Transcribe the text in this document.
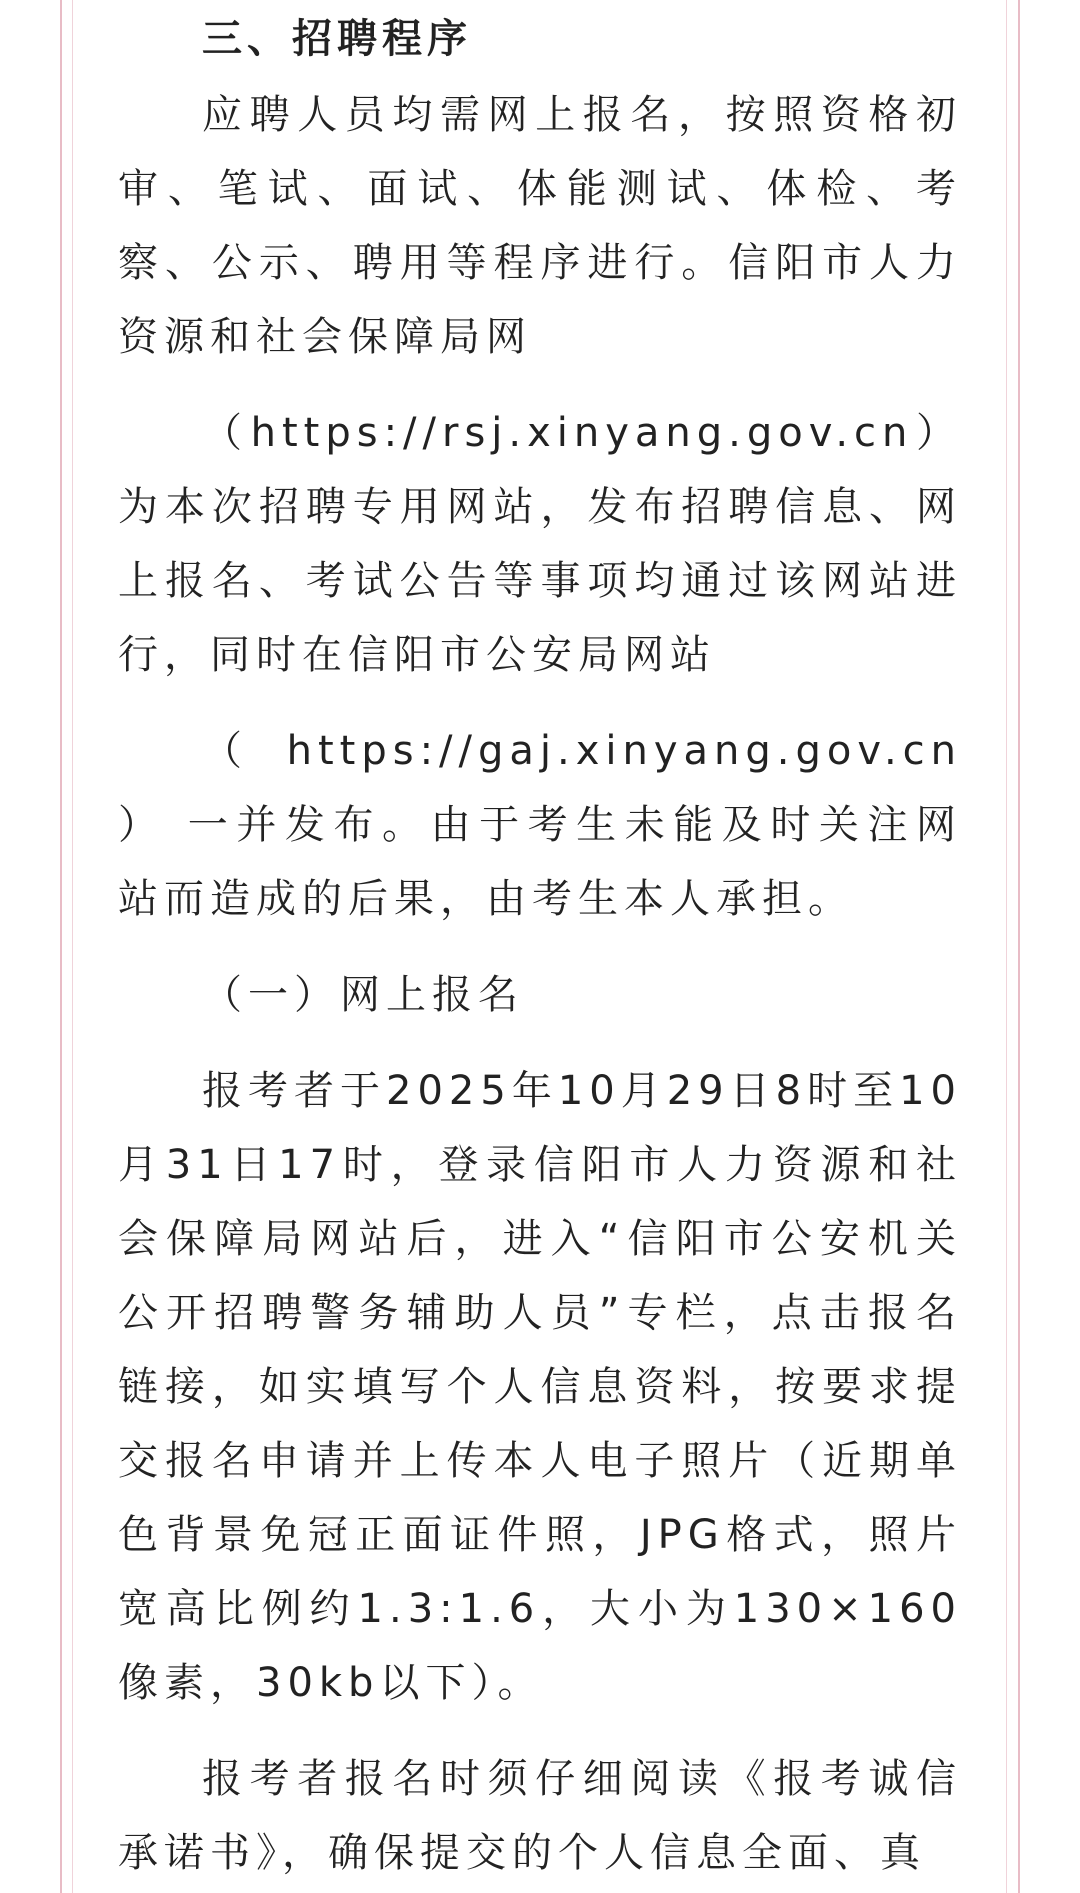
三、招聘程序

应聘人员均需网上报名，按照资格初审、笔试、面试、体能测试、体检、考察、公示、聘用等程序进行。信阳市人力资源和社会保障局网

（https://rsj.xinyang.gov.cn）为本次招聘专用网站，发布招聘信息、网上报名、考试公告等事项均通过该网站进行，同时在信阳市公安局网站

（ https://gaj.xinyang.gov.cn ） 一并发布。由于考生未能及时关注网站而造成的后果，由考生本人承担。

（一）网上报名

报考者于2025年10月29日8时至10月31日17时，登录信阳市人力资源和社会保障局网站后，进入“信阳市公安机关公开招聘警务辅助人员”专栏，点击报名链接，如实填写个人信息资料，按要求提交报名申请并上传本人电子照片（近期单色背景免冠正面证件照，JPG格式，照片宽高比例约1.3:1.6，大小为130×160像素，30kb以下）。

报考者报名时须仔细阅读《报考诚信承诺书》，确保提交的个人信息全面、真
